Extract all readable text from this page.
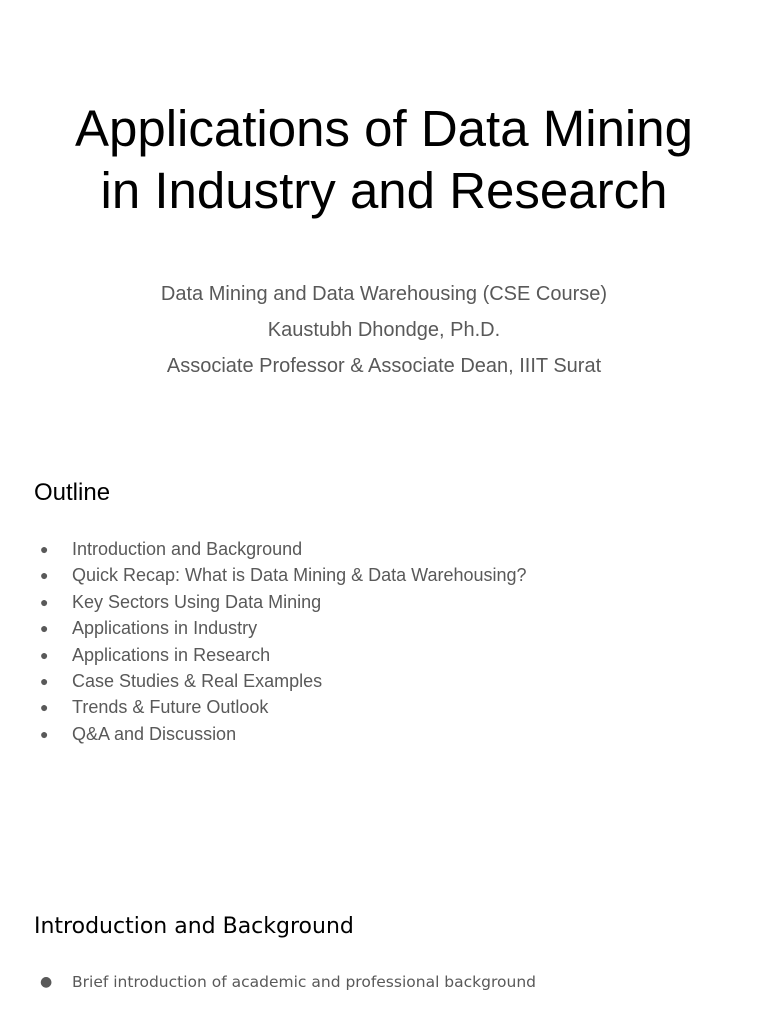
Applications of Data Mining
in Industry and Research
Data Mining and Data Warehousing (CSE Course)
Kaustubh Dhondge, Ph.D.
Associate Professor & Associate Dean, IIIT Surat
Outline
● Introduction and Background
● Quick Recap: What is Data Mining & Data Warehousing?
● Key Sectors Using Data Mining
● Applications in Industry
● Applications in Research
● Case Studies & Real Examples
● Trends & Future Outlook
● Q&A and Discussion
Introduction and Background
● Brief introduction of academic and professional background
